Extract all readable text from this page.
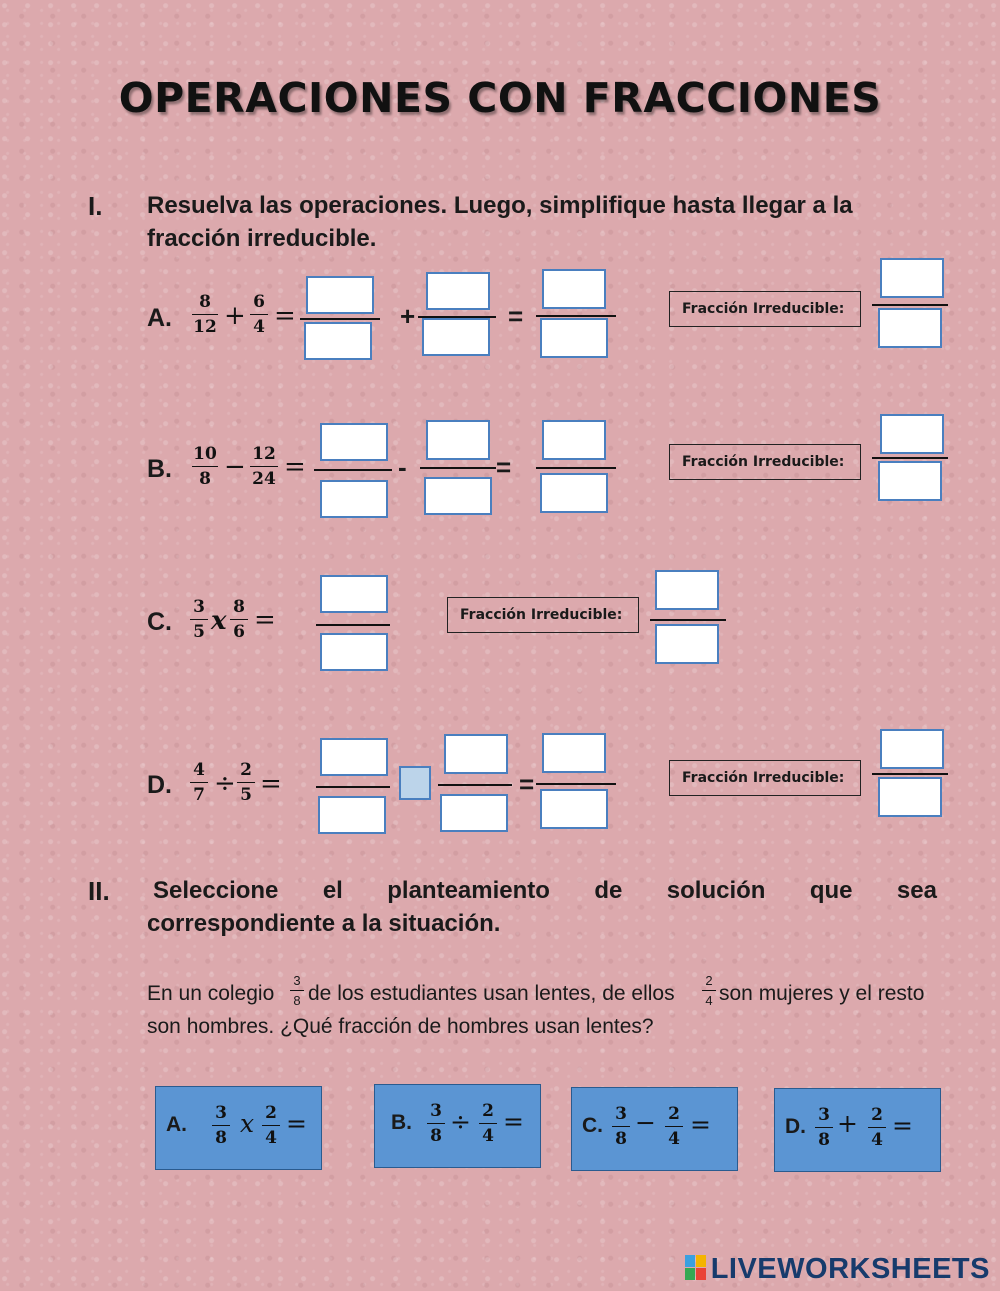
OPERACIONES CON FRACCIONES
I. Resuelva las operaciones. Luego, simplifique hasta llegar a la
fracción irreducible.
A.
8
12 + 6
4 =	+	=	Fracción Irreducible:
B.
10
8 − 12
24 =	-	=	Fracción Irreducible:
C.
3
5 x 8
6 =	Fracción Irreducible:
D.
4
7 ÷ 2
5 =	=	Fracción Irreducible:
II. Seleccione el planteamiento de solución que sea
correspondiente a la situación.
En un colegio
3
8 de los estudiantes usan lentes, de ellos
2
4 son mujeres y el resto
son hombres. ¿Qué fracción de hombres usan lentes?
A. 3
8 x 2
4 =	B. 3
8 ÷ 2
4 =	C. 3
8
− 2
4 =	D. 3
8
+ 2
4 =
LIVEWORKSHEETS
